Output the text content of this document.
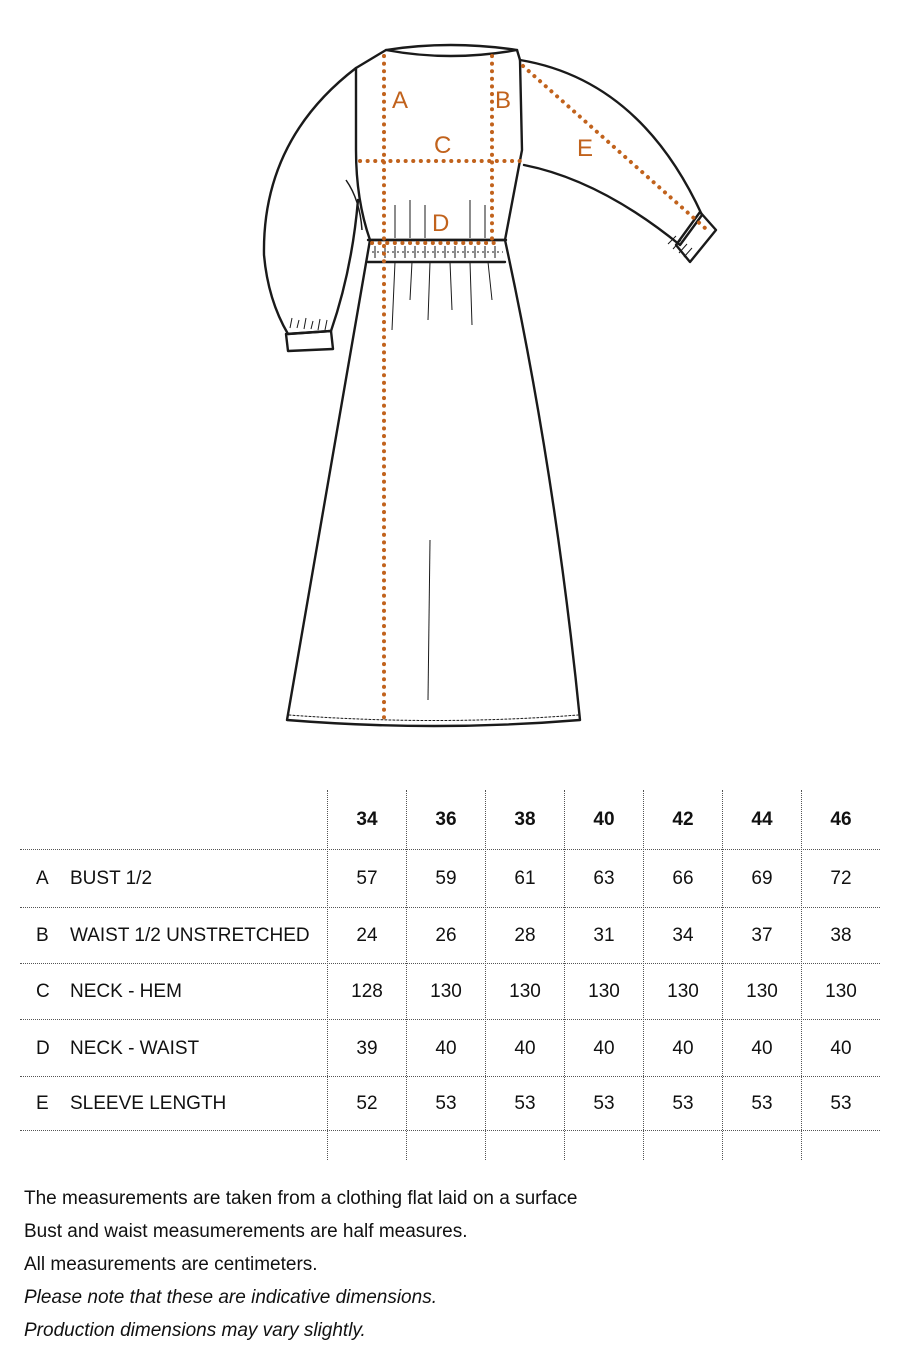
A	B
C
D
E
34	36	38	40	42	44	46
A BUST 1/2	57	59	61	63	66	69	72
B WAIST 1/2 UNSTRETCHED	24	26	28	31	34	37	38
C NECK - HEM	128	130	130	130	130	130	130
D NECK - WAIST	39	40	40	40	40	40	40
E SLEEVE LENGTH	52	53	53	53	53	53	53
The measurements are taken from a clothing flat laid on a surface
Bust and waist measumerements are half measures.
All measurements are centimeters.
Please note that these are indicative dimensions.
Production dimensions may vary slightly.
